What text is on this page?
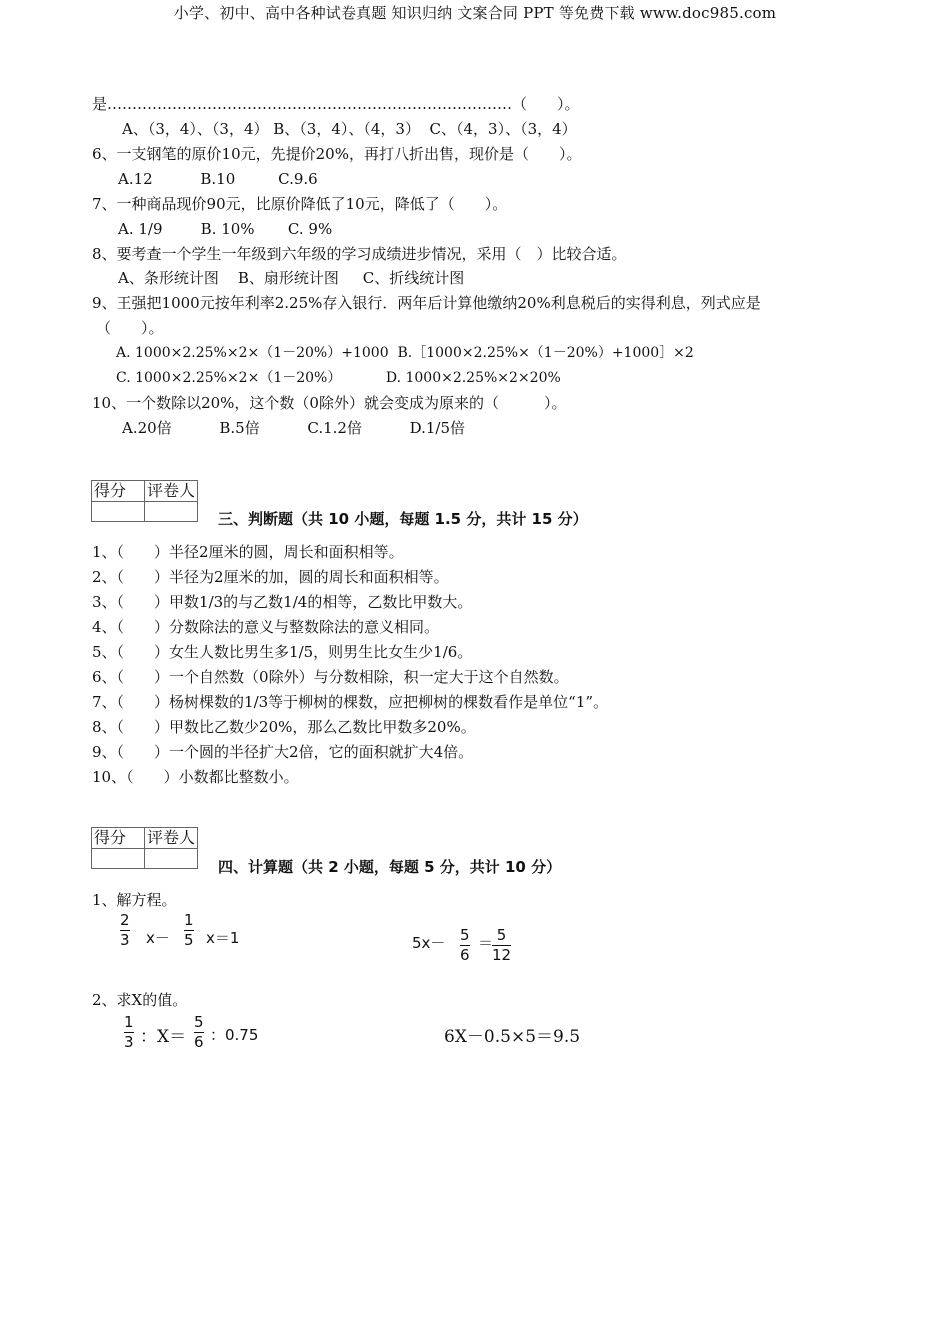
小学、初中、高中各种试卷真题 知识归纳 文案合同 PPT 等免费下载 www.doc985.com
是………………………………………………………………………（　　）。
A、（3，4）、（3，4） B、（3，4）、（4，3）  C、（4，3）、（3，4）
6、一支钢笔的原价10元，先提价20%，再打八折出售，现价是（　　）。
A.12          B.10         C.9.6
7、一种商品现价90元，比原价降低了10元，降低了（　　）。
A. 1/9        B. 10%       C. 9%
8、要考查一个学生一年级到六年级的学习成绩进步情况，采用（　）比较合适。
A、条形统计图    B、扇形统计图     C、折线统计图
9、王强把1000元按年利率2.25%存入银行．两年后计算他缴纳20%利息税后的实得利息，列式应是
（　　）。
A. 1000×2.25%×2×（1－20%）+1000  B.［1000×2.25%×（1－20%）+1000］×2
C. 1000×2.25%×2×（1－20%）          D. 1000×2.25%×2×20%
10、一个数除以20%，这个数（0除外）就会变成为原来的（　　　）。
A.20倍          B.5倍          C.1.2倍          D.1/5倍
得分	评卷人

三、判断题（共 10 小题，每题 1.5 分，共计 15 分）
1、（　　）半径2厘米的圆，周长和面积相等。
2、（　　）半径为2厘米的加，圆的周长和面积相等。
3、（　　）甲数1/3的与乙数1/4的相等，乙数比甲数大。
4、（　　）分数除法的意义与整数除法的意义相同。
5、（　　）女生人数比男生多1/5，则男生比女生少1/6。
6、（　　）一个自然数（0除外）与分数相除，积一定大于这个自然数。
7、（　　）杨树棵数的1/3等于柳树的棵数，应把柳树的棵数看作是单位“1”。
8、（　　）甲数比乙数少20%，那么乙数比甲数多20%。
9、（　　）一个圆的半径扩大2倍，它的面积就扩大4倍。
10、（　　）小数都比整数小。
得分	评卷人

四、计算题（共 2 小题，每题 5 分，共计 10 分）
1、解方程。
2
3 x－
1
5 x＝1	5x－ 5
6
＝ 5
12
2、求X的值。
1
3 ：X＝
5
6 ：0.75	6X－0.5×5＝9.5
